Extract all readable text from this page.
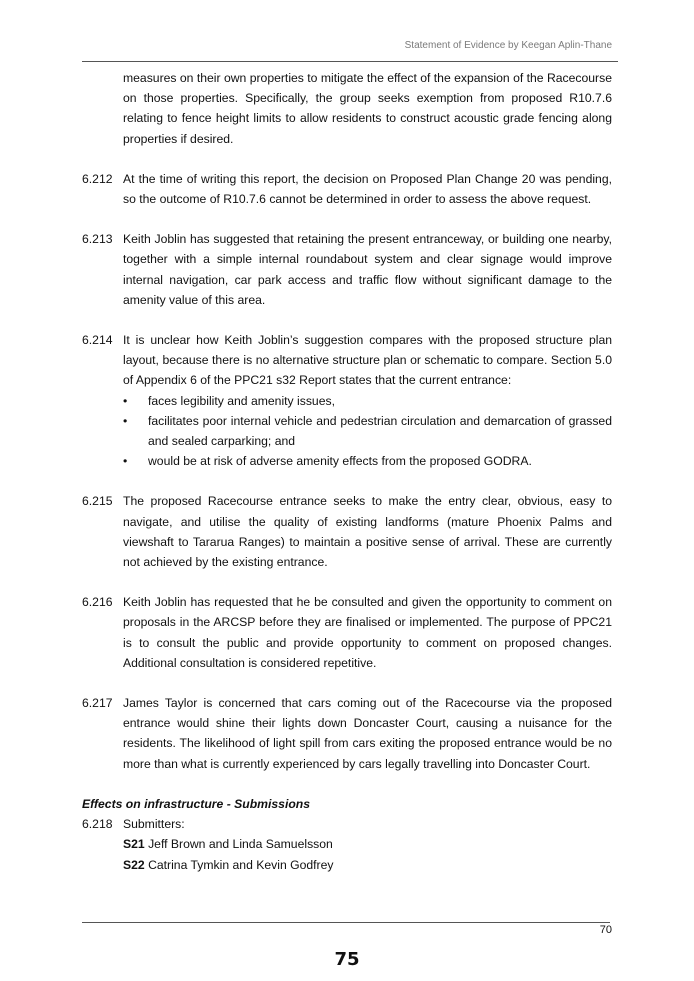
Statement of Evidence by Keegan Aplin-Thane

measures on their own properties to mitigate the effect of the expansion of the Racecourse on those properties. Specifically, the group seeks exemption from proposed R10.7.6 relating to fence height limits to allow residents to construct acoustic grade fencing along properties if desired.

6.212 At the time of writing this report, the decision on Proposed Plan Change 20 was pending, so the outcome of R10.7.6 cannot be determined in order to assess the above request.

6.213 Keith Joblin has suggested that retaining the present entranceway, or building one nearby, together with a simple internal roundabout system and clear signage would improve internal navigation, car park access and traffic flow without significant damage to the amenity value of this area.

6.214 It is unclear how Keith Joblin’s suggestion compares with the proposed structure plan layout, because there is no alternative structure plan or schematic to compare. Section 5.0 of Appendix 6 of the PPC21 s32 Report states that the current entrance:

• faces legibility and amenity issues,
• facilitates poor internal vehicle and pedestrian circulation and demarcation of grassed and sealed carparking; and
• would be at risk of adverse amenity effects from the proposed GODRA.
6.215 The proposed Racecourse entrance seeks to make the entry clear, obvious, easy to navigate, and utilise the quality of existing landforms (mature Phoenix Palms and viewshaft to Tararua Ranges) to maintain a positive sense of arrival. These are currently not achieved by the existing entrance.

6.216 Keith Joblin has requested that he be consulted and given the opportunity to comment on proposals in the ARCSP before they are finalised or implemented. The purpose of PPC21 is to consult the public and provide opportunity to comment on proposed changes. Additional consultation is considered repetitive.

6.217 James Taylor is concerned that cars coming out of the Racecourse via the proposed entrance would shine their lights down Doncaster Court, causing a nuisance for the residents. The likelihood of light spill from cars exiting the proposed entrance would be no more than what is currently experienced by cars legally travelling into Doncaster Court.

Effects on infrastructure - Submissions

6.218 Submitters:

S21 Jeff Brown and Linda Samuelsson

S22 Catrina Tymkin and Kevin Godfrey

70
75
